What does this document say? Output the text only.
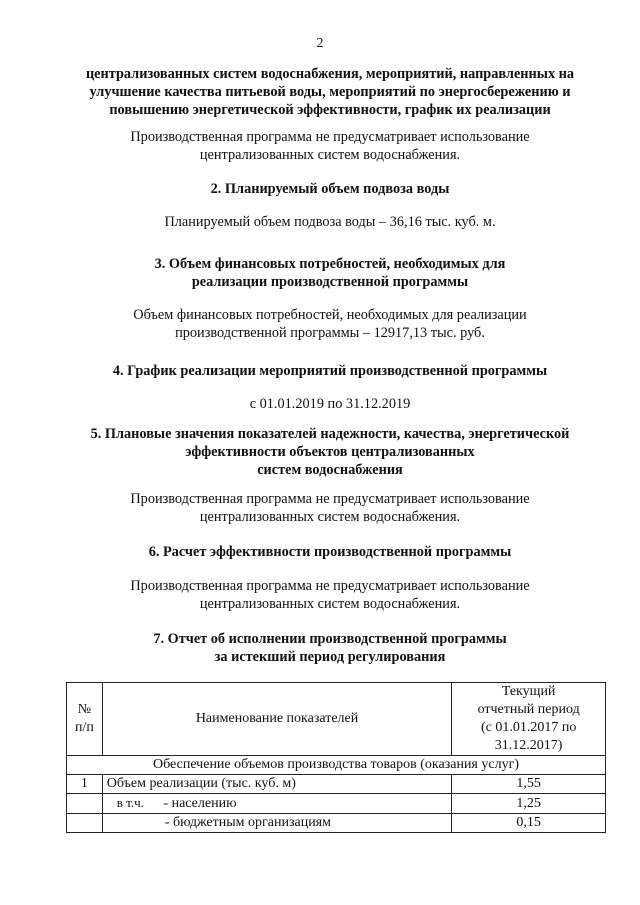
2
централизованных систем водоснабжения, мероприятий, направленных на
улучшение качества питьевой воды, мероприятий по энергосбережению и
повышению энергетической эффективности, график их реализации
Производственная программа не предусматривает использование
централизованных систем водоснабжения.
2. Планируемый объем подвоза воды
Планируемый объем подвоза воды – 36,16 тыс. куб. м.
3. Объем финансовых потребностей, необходимых для
реализации производственной программы
Объем финансовых потребностей, необходимых для реализации
производственной программы – 12917,13 тыс. руб.
4. График реализации мероприятий производственной программы
с 01.01.2019 по 31.12.2019
5. Плановые значения показателей надежности, качества, энергетической
эффективности объектов централизованных
систем водоснабжения
Производственная программа не предусматривает использование
централизованных систем водоснабжения.
6. Расчет эффективности производственной программы
Производственная программа не предусматривает использование
централизованных систем водоснабжения.
7. Отчет об исполнении производственной программы
за истекший период регулирования
№
п/п	Наименование показателей	Текущий
отчетный период
(с 01.01.2017 по
31.12.2017)

Обеспечение объемов производства товаров (оказания услуг)		
1	Объем реализации (тыс. куб. м)	1,55
	в т.ч. - населению	1,25
	- бюджетным организациям	0,15
